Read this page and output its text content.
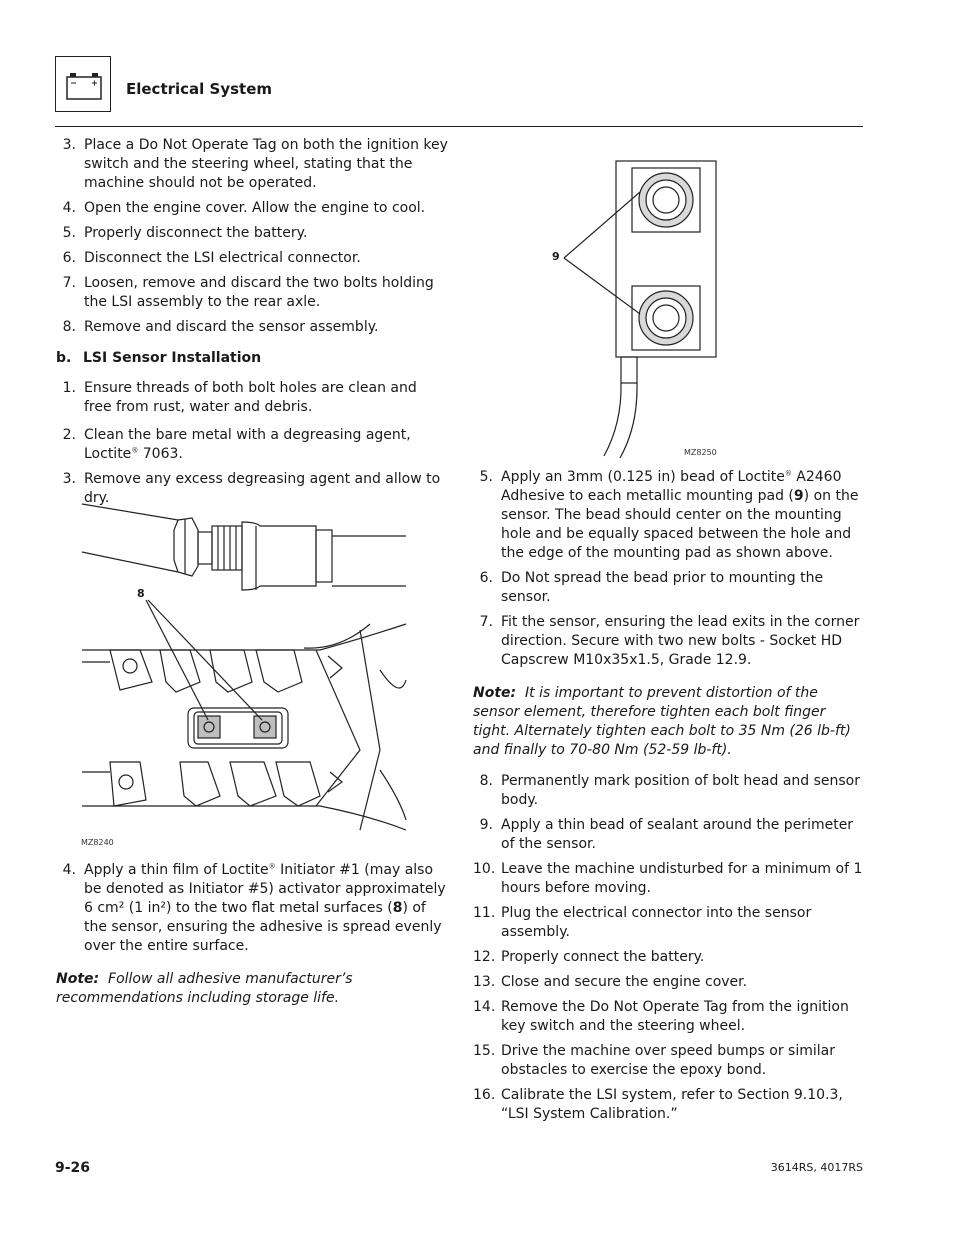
Electrical System
3. Place a Do Not Operate Tag on both the ignition key switch and the steering wheel, stating that the machine should not be operated.
4. Open the engine cover. Allow the engine to cool.
5. Properly disconnect the battery.
6. Disconnect the LSI electrical connector.
7. Loosen, remove and discard the two bolts holding the LSI assembly to the rear axle.
8. Remove and discard the sensor assembly.
b. LSI Sensor Installation
1. Ensure threads of both bolt holes are clean and free from rust, water and debris.
2. Clean the bare metal with a degreasing agent, Loctite® 7063.
3. Remove any excess degreasing agent and allow to dry.
8
MZ8240
4. Apply a thin film of Loctite® Initiator #1 (may also be denoted as Initiator #5) activator approximately 6 cm² (1 in²) to the two flat metal surfaces (8) of the sensor, ensuring the adhesive is spread evenly over the entire surface.
Note: Follow all adhesive manufacturer’s recommendations including storage life.
9
MZ8250
5. Apply an 3mm (0.125 in) bead of Loctite® A2460 Adhesive to each metallic mounting pad (9) on the sensor. The bead should center on the mounting hole and be equally spaced between the hole and the edge of the mounting pad as shown above.
6. Do Not spread the bead prior to mounting the sensor.
7. Fit the sensor, ensuring the lead exits in the corner direction. Secure with two new bolts - Socket HD Capscrew M10x35x1.5, Grade 12.9.
Note: It is important to prevent distortion of the sensor element, therefore tighten each bolt finger tight. Alternately tighten each bolt to 35 Nm (26 lb-ft) and finally to 70-80 Nm (52-59 lb-ft).
8. Permanently mark position of bolt head and sensor body.
9. Apply a thin bead of sealant around the perimeter of the sensor.
10. Leave the machine undisturbed for a minimum of 1 hours before moving.
11. Plug the electrical connector into the sensor assembly.
12. Properly connect the battery.
13. Close and secure the engine cover.
14. Remove the Do Not Operate Tag from the ignition key switch and the steering wheel.
15. Drive the machine over speed bumps or similar obstacles to exercise the epoxy bond.
16. Calibrate the LSI system, refer to Section 9.10.3, “LSI System Calibration.”
9-26	3614RS, 4017RS
